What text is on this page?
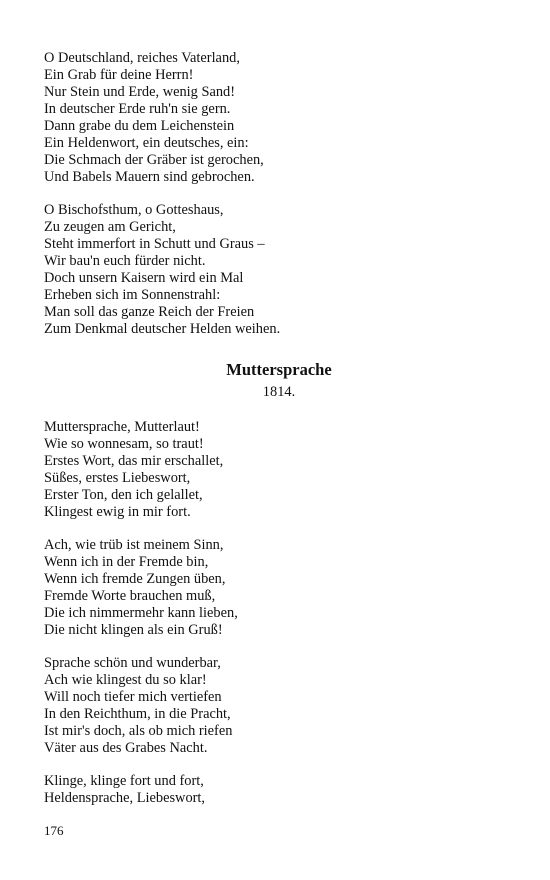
O Deutschland, reiches Vaterland,
Ein Grab für deine Herrn!
Nur Stein und Erde, wenig Sand!
In deutscher Erde ruh'n sie gern.
Dann grabe du dem Leichenstein
Ein Heldenwort, ein deutsches, ein:
Die Schmach der Gräber ist gerochen,
Und Babels Mauern sind gebrochen.
O Bischofsthum, o Gotteshaus,
Zu zeugen am Gericht,
Steht immerfort in Schutt und Graus –
Wir bau'n euch fürder nicht.
Doch unsern Kaisern wird ein Mal
Erheben sich im Sonnenstrahl:
Man soll das ganze Reich der Freien
Zum Denkmal deutscher Helden weihen.
Muttersprache
1814.
Muttersprache, Mutterlaut!
Wie so wonnesam, so traut!
Erstes Wort, das mir erschallet,
Süßes, erstes Liebeswort,
Erster Ton, den ich gelallet,
Klingest ewig in mir fort.
Ach, wie trüb ist meinem Sinn,
Wenn ich in der Fremde bin,
Wenn ich fremde Zungen üben,
Fremde Worte brauchen muß,
Die ich nimmermehr kann lieben,
Die nicht klingen als ein Gruß!
Sprache schön und wunderbar,
Ach wie klingest du so klar!
Will noch tiefer mich vertiefen
In den Reichthum, in die Pracht,
Ist mir's doch, als ob mich riefen
Väter aus des Grabes Nacht.
Klinge, klinge fort und fort,
Heldensprache, Liebeswort,
176
